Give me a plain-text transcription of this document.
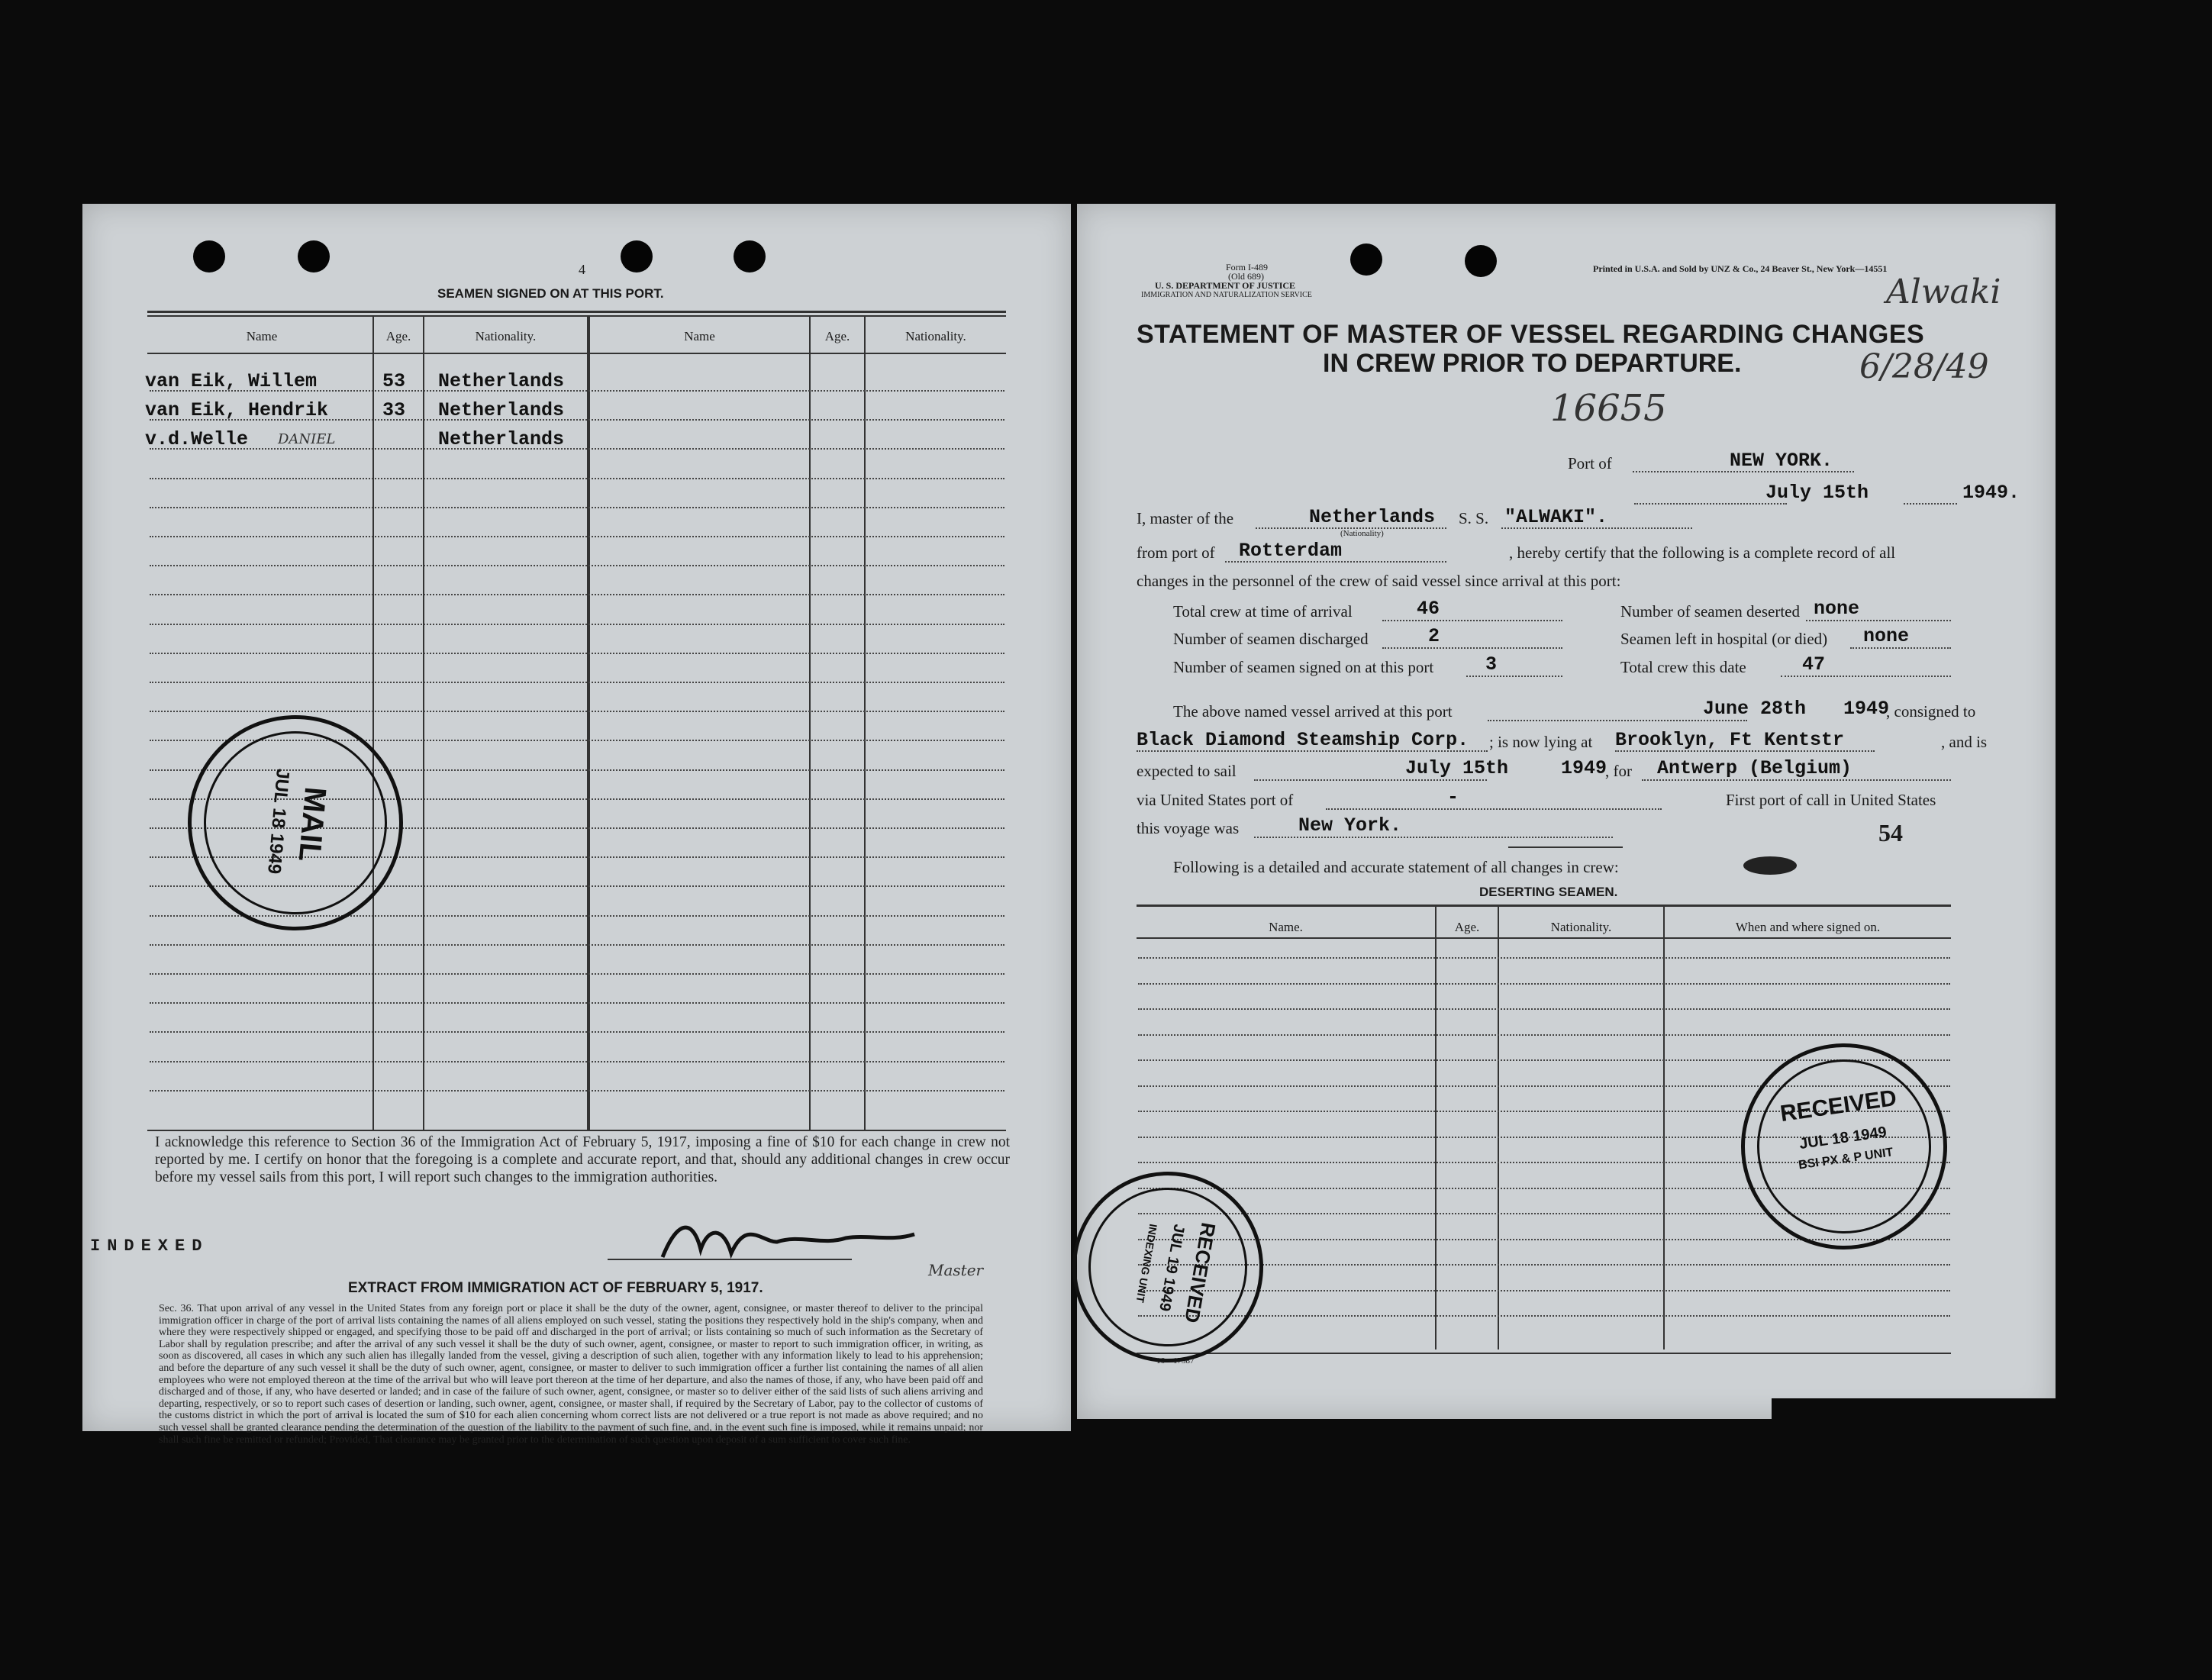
4
SEAMEN SIGNED ON AT THIS PORT.
Name	Age.	Nationality.	Name	Age.	Nationality.
van Eik, Willem	53 Netherlands
van Eik, Hendrik	33 Netherlands
v.d.Welle DANIEL	Netherlands
MAIL
JUL 18 1949
I acknowledge this reference to Section 36 of the Immigration Act of February 5, 1917, imposing a fine of $10 for each change in crew not reported by me. I certify on honor that the foregoing is a complete and accurate report, and that, should any additional changes in crew occur before my vessel sails from this port, I will report such changes to the immigration authorities.
INDEXED
Master
EXTRACT FROM IMMIGRATION ACT OF FEBRUARY 5, 1917.
Sec. 36. That upon arrival of any vessel in the United States from any foreign port or place it shall be the duty of the owner, agent, consignee, or master thereof to deliver to the principal immigration officer in charge of the port of arrival lists containing the names of all aliens employed on such vessel, stating the positions they respectively hold in the ship's company, when and where they were respectively shipped or engaged, and specifying those to be paid off and discharged in the port of arrival; or lists containing so much of such information as the Secretary of Labor shall by regulation prescribe; and after the arrival of any such vessel it shall be the duty of such owner, agent, consignee, or master to report to such immigration officer, in writing, as soon as discovered, all cases in which any such alien has illegally landed from the vessel, giving a description of such alien, together with any information likely to lead to his apprehension; and before the departure of any such vessel it shall be the duty of such owner, agent, consignee, or master to deliver to such immigration officer a further list containing the names of all alien employees who were not employed thereon at the time of the arrival but who will leave port thereon at the time of her departure, and also the names of those, if any, who have been paid off and discharged and of those, if any, who have deserted or landed; and in case of the failure of such owner, agent, consignee, or master so to deliver either of the said lists of such aliens arriving and departing, respectively, or so to report such cases of desertion or landing, such owner, agent, consignee, or master shall, if required by the Secretary of Labor, pay to the collector of customs of the customs district in which the port of arrival is located the sum of $10 for each alien concerning whom correct lists are not delivered or a true report is not made as above required; and no such vessel shall be granted clearance pending the determination of the question of the liability to the payment of such fine, and, in the event such fine is imposed, while it remains unpaid; nor shall such fine be remitted or refunded; Provided, That clearance may be granted prior to the determination of such question upon deposit of a sum sufficient to cover such fine.
Form I-489
(Old 689)
U. S. DEPARTMENT OF JUSTICE
IMMIGRATION AND NATURALIZATION SERVICE
Printed in U.S.A. and Sold by UNZ & Co., 24 Beaver St., New York—14551
STATEMENT OF MASTER OF VESSEL REGARDING CHANGES
IN CREW PRIOR TO DEPARTURE.
Alwaki
6/28/49
16655
Port of	NEW YORK.
July 15th	1949.
I, master of the	Netherlands
(Nationality)
S. S. "ALWAKI".
from port of Rotterdam	, hereby certify that the following is a complete record of all
changes in the personnel of the crew of said vessel since arrival at this port:
Total crew at time of arrival	46	Number of seamen deserted none
Number of seamen discharged	2	Seamen left in hospital (or died) none
Number of seamen signed on at this port	3	Total crew this date	47
The above named vessel arrived at this port	June 28th 1949
, consigned to
Black Diamond Steamship Corp. ; is now lying at Brooklyn, Ft Kentstr	, and is
expected to sail	July 15th	1949
, for Antwerp (Belgium)
via United States port of	-	First port of call in United States
this voyage was	New York.	54
Following is a detailed and accurate statement of all changes in crew:
DESERTING SEAMEN.
Name.	Age.	Nationality.	When and where signed on.
16—17387
RECEIVED
JUL 18 1949
BSI PX & P UNIT
RECEIVED
JUL 19 1949
INDEXING UNIT
